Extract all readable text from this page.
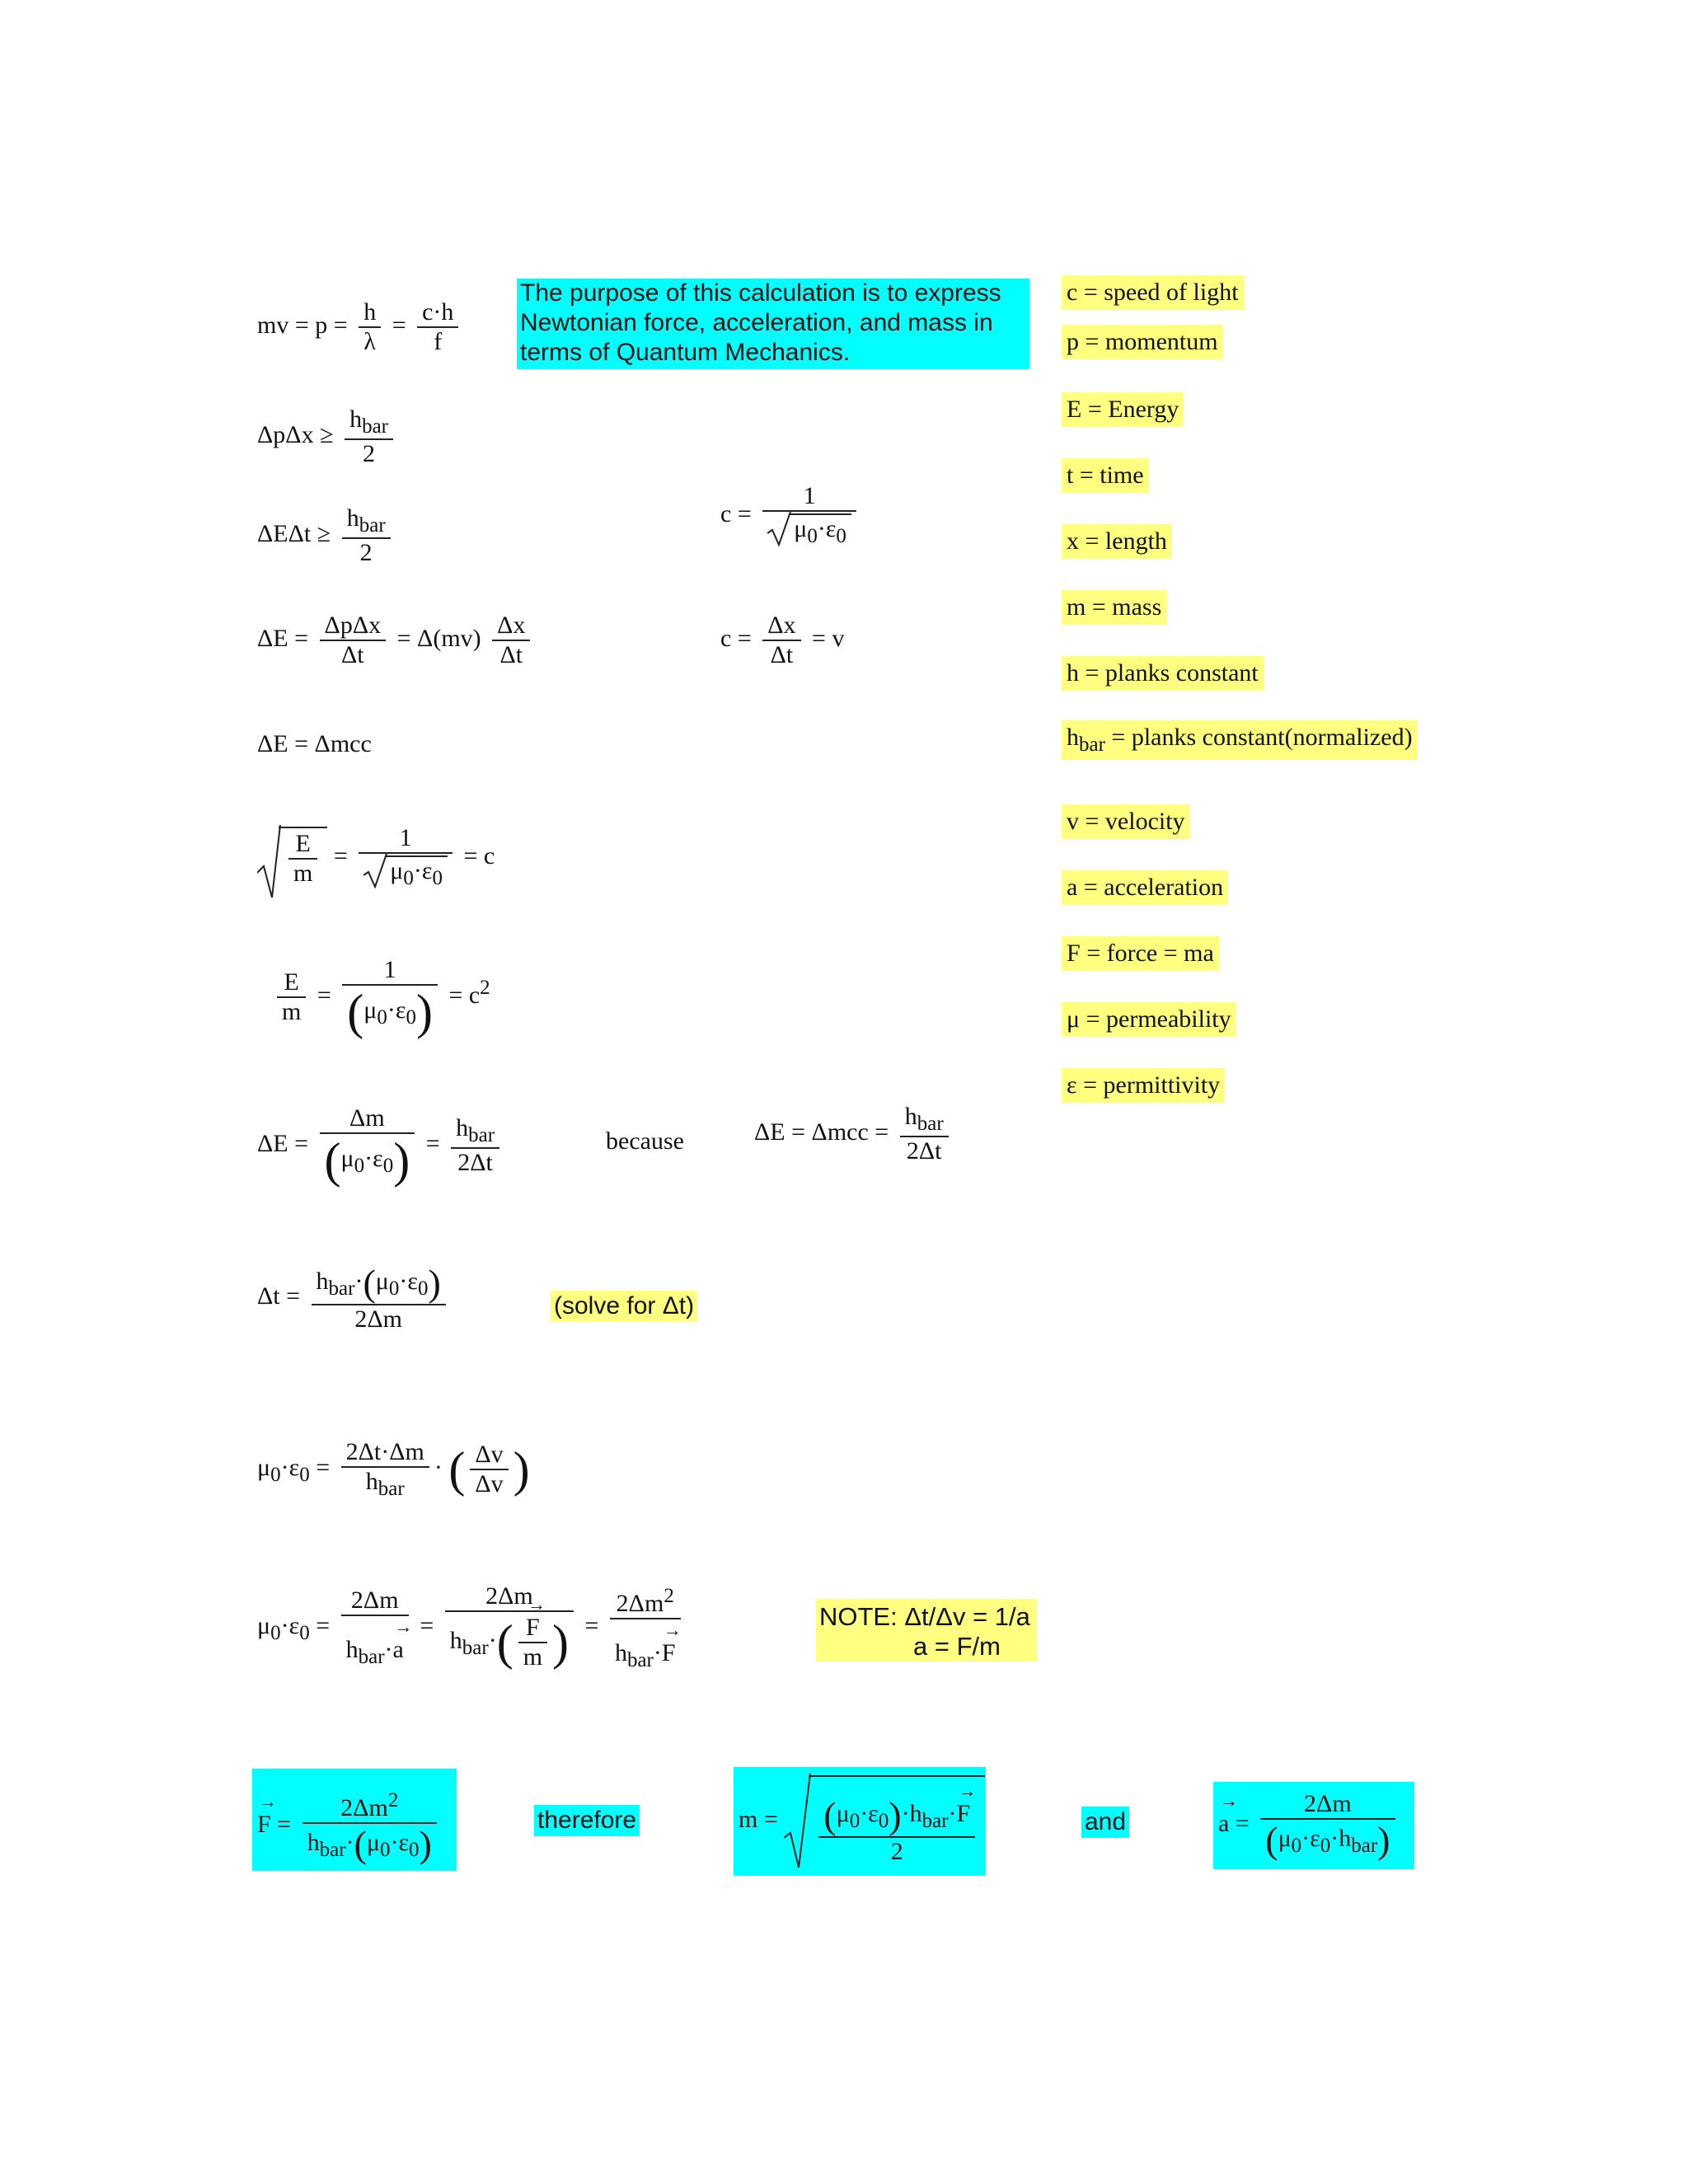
mv = $p = \frac{h}{\lambda} = \frac{c\cdot h}{f}$
$\Delta p\Delta x \ge \frac{h_{bar}}{2}$
$\Delta E\Delta t \ge \frac{h_{bar}}{2}$
$\Delta E = \frac{\text{ΔpΔx}}{\Delta t} = \Delta(mv) \frac{\Delta x}{\Delta t}$
ΔE = Δmcc
$\frac{E}{m} = \frac{1}{\mu_0\cdot\varepsilon_0} = c$
$\frac{E}{m} = \frac{1}{(\mu_0\cdot\varepsilon_0)} = c^2$
$\Delta E = \frac{\Delta m}{(\mu_0\cdot\varepsilon_0)} = \frac{h_{bar}}{2\Delta t}$	because	$\Delta E = \Delta mcc = \frac{h_{bar}}{2\Delta t}$
$\Delta t = \frac{h_{bar}\cdot(\mu_0\cdot\varepsilon_0)}{2\Delta m}$	(solve for Δt)
$\mu_0\cdot\varepsilon_0 = \frac{2\Delta t\cdot\Delta m}{h_{bar}}$ · ( $\frac{\Delta v}{\Delta v}$ )
$\mu_0\cdot\varepsilon_0 = \frac{2\Delta m}{h_{bar}\cdot\to a} = 2\Delta m$
$h_{bar}\cdot$(
→ $\frac{F}{m}$ ) = $\frac{2\Delta m^2}{h_{bar}\cdot\to F}$	NOTE: Δt/Δv = 1/a
a = F/m
→ $F = \frac{2\Delta m^2}{h_{bar}\cdot(\mu_0\cdot\varepsilon_0)}$	therefore	$m = \frac{(\mu_0\cdot\varepsilon_0)\cdot h_{bar}\cdot\to F}{2}$	and
→	$a = \frac{2\Delta m}{(\mu_0\cdot\varepsilon_0\cdot h_{bar})}$
$c = \frac{1}{\mu_0\cdot\varepsilon_0}$
$c = \frac{\Delta x}{\Delta t} = v$
The purpose of this calculation is to express Newtonian force, acceleration, and mass in terms of Quantum Mechanics.
c = speed of light
p = momentum
E = Energy
t = time
x = length
m = mass
h = planks constant
$h_{bar}$ = planks constant(normalized)
v = velocity
a = acceleration
F = force = ma
μ = permeability
ε = permittivity
